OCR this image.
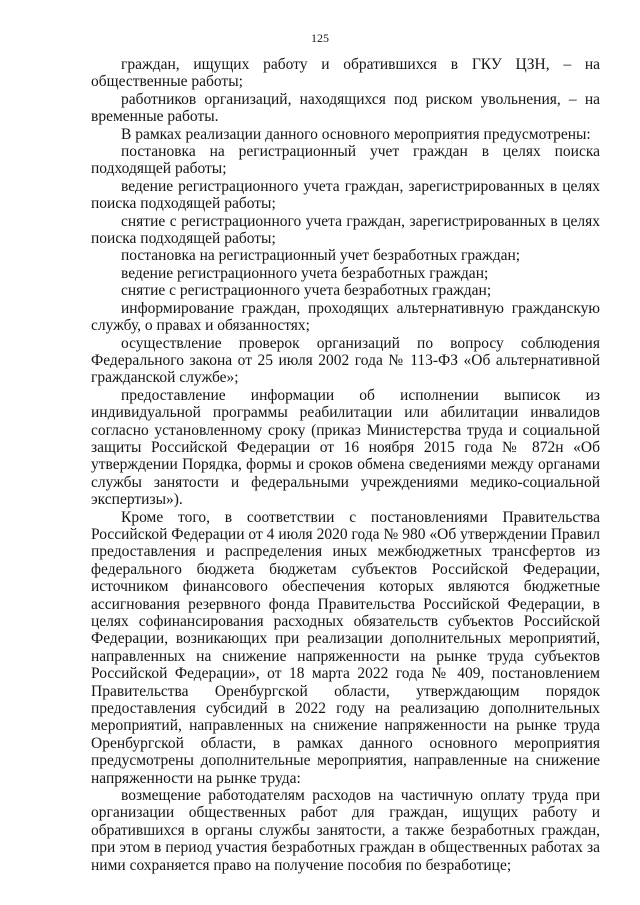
125

граждан, ищущих работу и обратившихся в ГКУ ЦЗН, – на общественные работы;

работников организаций, находящихся под риском увольнения, – на временные работы.

В рамках реализации данного основного мероприятия предусмотрены:

постановка на регистрационный учет граждан в целях поиска подходящей работы;

ведение регистрационного учета граждан, зарегистрированных в целях поиска подходящей работы;

снятие с регистрационного учета граждан, зарегистрированных в целях поиска подходящей работы;

постановка на регистрационный учет безработных граждан;

ведение регистрационного учета безработных граждан;

снятие с регистрационного учета безработных граждан;

информирование граждан, проходящих альтернативную гражданскую службу, о правах и обязанностях;

осуществление проверок организаций по вопросу соблюдения Федерального закона от 25 июля 2002 года № 113-ФЗ «Об альтернативной гражданской службе»;

предоставление информации об исполнении выписок из индивидуальной программы реабилитации или абилитации инвалидов согласно установленному сроку (приказ Министерства труда и социальной защиты Российской Федерации от 16 ноября 2015 года № 872н «Об утверждении Порядка, формы и сроков обмена сведениями между органами службы занятости и федеральными учреждениями медико-социальной экспертизы»).

Кроме того, в соответствии с постановлениями Правительства Российской Федерации от 4 июля 2020 года № 980 «Об утверждении Правил предоставления и распределения иных межбюджетных трансфертов из федерального бюджета бюджетам субъектов Российской Федерации, источником финансового обеспечения которых являются бюджетные ассигнования резервного фонда Правительства Российской Федерации, в целях софинансирования расходных обязательств субъектов Российской Федерации, возникающих при реализации дополнительных мероприятий, направленных на снижение напряженности на рынке труда субъектов Российской Федерации», от 18 марта 2022 года № 409, постановлением Правительства Оренбургской области, утверждающим порядок предоставления субсидий в 2022 году на реализацию дополнительных мероприятий, направленных на снижение напряженности на рынке труда Оренбургской области, в рамках данного основного мероприятия предусмотрены дополнительные мероприятия, направленные на снижение напряженности на рынке труда:

возмещение работодателям расходов на частичную оплату труда при организации общественных работ для граждан, ищущих работу и обратившихся в органы службы занятости, а также безработных граждан, при этом в период участия безработных граждан в общественных работах за ними сохраняется право на получение пособия по безработице;
